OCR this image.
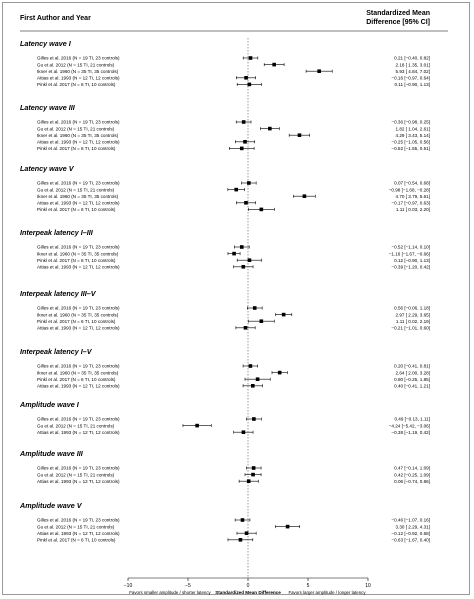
First Author and Year
Standardized Mean
Difference [95% CI]
Latency wave I
Gilles et al. 2016 (N = 19 TI, 23 controls)	0.21 [−0.40, 0.82]
Gu et al. 2012 (N = 15 TI, 21 controls)	2.18 [ 1.35, 3.01]
Ikner et al. 1960 (N = 35 TI, 35 controls)	5.93 [ 4.84, 7.02]
Attias et al. 1993 (N = 12 TI, 12 controls)	−0.16 [−0.97, 0.64]
Pinkl et al. 2017 (N = 6 TI, 10 controls)	0.11 [−0.90, 1.13]
Latency wave III
Gilles et al. 2016 (N = 19 TI, 23 controls)	−0.36 [−0.98, 0.25]
Gu et al. 2012 (N = 15 TI, 21 controls)	1.82 [ 1.04, 2.61]
Ikner et al. 1960 (N = 35 TI, 35 controls)	4.29 [ 3.43, 5.14]
Attias et al. 1993 (N = 12 TI, 12 controls)	−0.25 [−1.05, 0.56]
Pinkl et al. 2017 (N = 6 TI, 10 controls)	−0.52 [−1.55, 0.51]
Latency wave V
Gilles et al. 2016 (N = 19 TI, 23 controls)	0.07 [−0.54, 0.68]
Gu et al. 2012 (N = 15 TI, 21 controls)	−0.98 [−1.68, −0.28]
Ikner et al. 1960 (N = 35 TI, 35 controls)	4.70 [ 3.79, 5.61]
Attias et al. 1993 (N = 12 TI, 12 controls)	−0.17 [−0.97, 0.63]
Pinkl et al. 2017 (N = 6 TI, 10 controls)	1.11 [ 0.03, 2.20]
Interpeak latency I–III
Gilles et al. 2016 (N = 19 TI, 23 controls)	−0.52 [−1.14, 0.10]
Ikner et al. 1960 (N = 35 TI, 35 controls)	−1.16 [−1.67, −0.66]
Pinkl et al. 2017 (N = 6 TI, 10 controls)	0.12 [−0.90, 1.13]
Attias et al. 1993 (N = 12 TI, 12 controls)	−0.39 [−1.20, 0.42]
Interpeak latency III–V
Gilles et al. 2016 (N = 19 TI, 23 controls)	0.56 [−0.06, 1.18]
Ikner et al. 1960 (N = 35 TI, 35 controls)	2.97 [ 2.29, 3.65]
Pinkl et al. 2017 (N = 6 TI, 10 controls)	1.11 [ 0.02, 2.19]
Attias et al. 1993 (N = 12 TI, 12 controls)	−0.21 [−1.01, 0.60]
Interpeak latency I–V
Gilles et al. 2016 (N = 19 TI, 23 controls)	0.20 [−0.41, 0.81]
Ikner et al. 1960 (N = 35 TI, 35 controls)	2.64 [ 2.00, 3.28]
Pinkl et al. 2017 (N = 6 TI, 10 controls)	0.80 [−0.25, 1.85]
Attias et al. 1993 (N = 12 TI, 12 controls)	0.40 [−0.41, 1.21]
Amplitude wave I
Gilles et al. 2016 (N = 19 TI, 23 controls)	0.49 [−0.13, 1.11]
Gu et al. 2012 (N = 15 TI, 21 controls)	−4.24 [−5.42, −3.06]
Attias et al. 1993 (N = 12 TI, 12 controls)	−0.38 [−1.19, 0.42]
Amplitude wave III
Gilles et al. 2016 (N = 19 TI, 23 controls)	0.47 [−0.14, 1.09]
Gu et al. 2012 (N = 15 TI, 21 controls)	0.42 [−0.25, 1.09]
Attias et al. 1993 (N = 12 TI, 12 controls)	0.06 [−0.74, 0.86]
Amplitude wave V
Gilles et al. 2016 (N = 19 TI, 23 controls)	−0.46 [−1.07, 0.16]
Gu et al. 2012 (N = 15 TI, 21 controls)	3.30 [ 2.29, 4.31]
Attias et al. 1993 (N = 12 TI, 12 controls)	−0.12 [−0.92, 0.68]
Pinkl et al. 2017 (N = 6 TI, 10 controls)	−0.63 [−1.67, 0.40]
−10	−5	0	5	10
Favors smaller amplitude / shorter latency Standardized Mean Difference Favors larger amplitude / longer latency
